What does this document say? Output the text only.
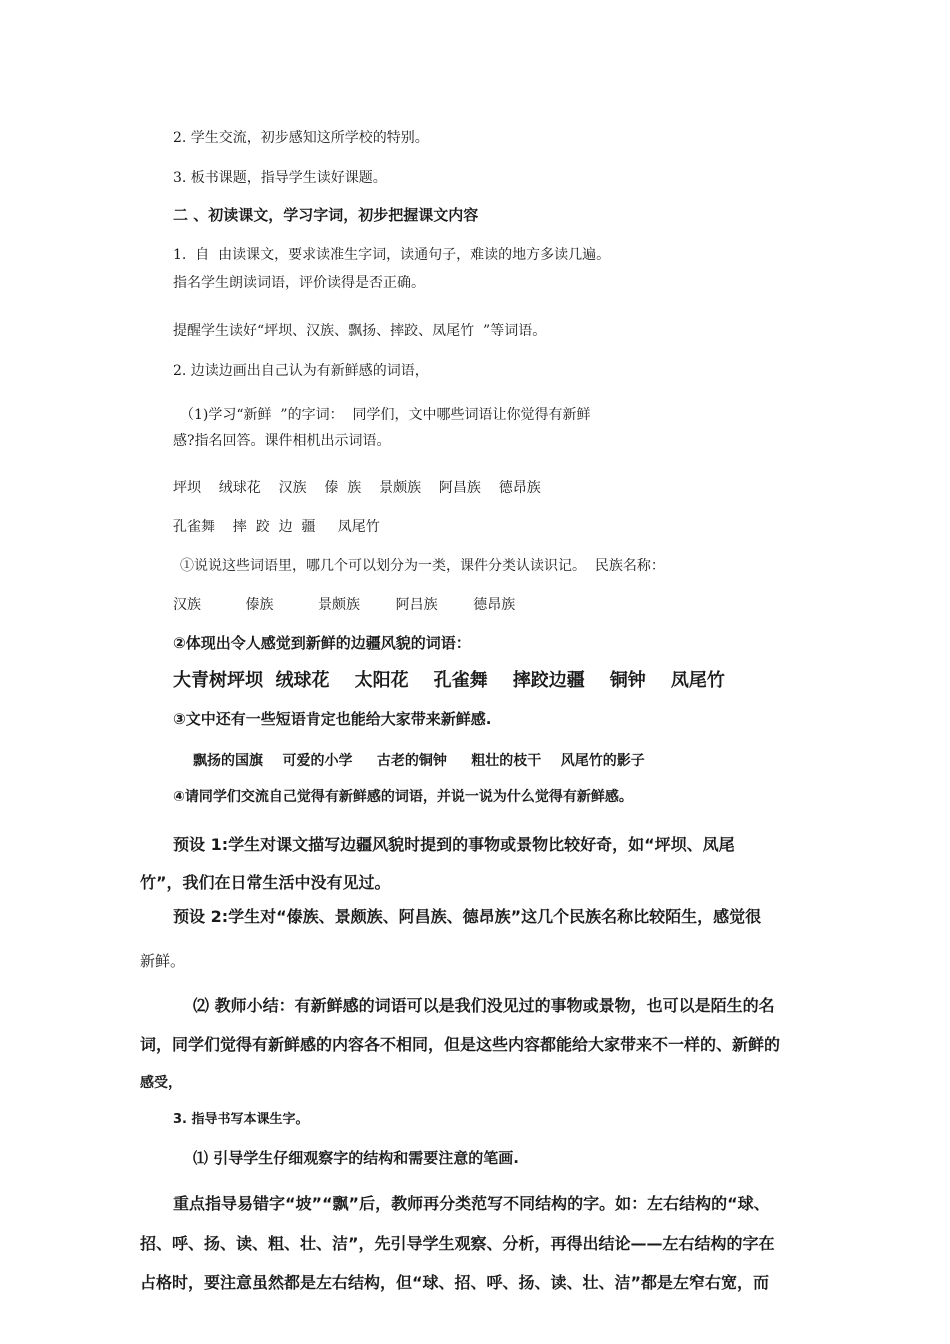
2. 学生交流，初步感知这所学校的特别。
3. 板书课题，指导学生读好课题。
二 、初读课文，学习字词，初步把握课文内容
1.  自  由读课文，要求读准生字词，读通句子，难读的地方多读几遍。
指名学生朗读词语，评价读得是否正确。
提醒学生读好“坪坝、汉族、飘扬、摔跤、凤尾竹  ”等词语。
2. 边读边画出自己认为有新鲜感的词语，
（1)学习“新鲜  ”的字词：  同学们，文中哪些词语让你觉得有新鲜
感?指名回答。课件相机出示词语。
坪坝    绒球花    汉族    傣  族    景颇族    阿昌族    德昂族
孔雀舞    摔  跤  边  疆     凤尾竹
①说说这些词语里，哪几个可以划分为一类，课件分类认读识记。  民族名称：
汉族          傣族          景颇族        阿吕族        德昂族
②体现出令人感觉到新鲜的边疆风貌的词语：
大青树坪坝  绒球花    太阳花    孔雀舞    摔跤边疆    铜钟    凤尾竹
③文中还有一些短语肯定也能给大家带来新鲜感.
飘扬的国旗    可爱的小学     古老的铜钟     粗壮的枝干    风尾竹的影子
④请同学们交流自己觉得有新鲜感的词语，并说一说为什么觉得有新鲜感。
预设 1:学生对课文描写边疆风貌时提到的事物或景物比较好奇，如“坪坝、凤尾
竹”，我们在日常生活中没有见过。
预设 2:学生对“傣族、景颇族、阿昌族、德昂族”这几个民族名称比较陌生，感觉很
新鲜。
⑵ 教师小结：有新鲜感的词语可以是我们没见过的事物或景物，也可以是陌生的名
词，同学们觉得有新鲜感的内容各不相同，但是这些内容都能给大家带来不一样的、新鲜的
感受，
3. 指导书写本课生字。
⑴ 引导学生仔细观察字的结构和需要注意的笔画.
重点指导易错字“坡”“飘”后，教师再分类范写不同结构的字。如：左右结构的“球、
招、呼、扬、读、粗、壮、洁”，先引导学生观察、分析，再得出结论——左右结构的字在
占格时，要注意虽然都是左右结构，但“球、招、呼、扬、读、壮、洁”都是左窄右宽，而
